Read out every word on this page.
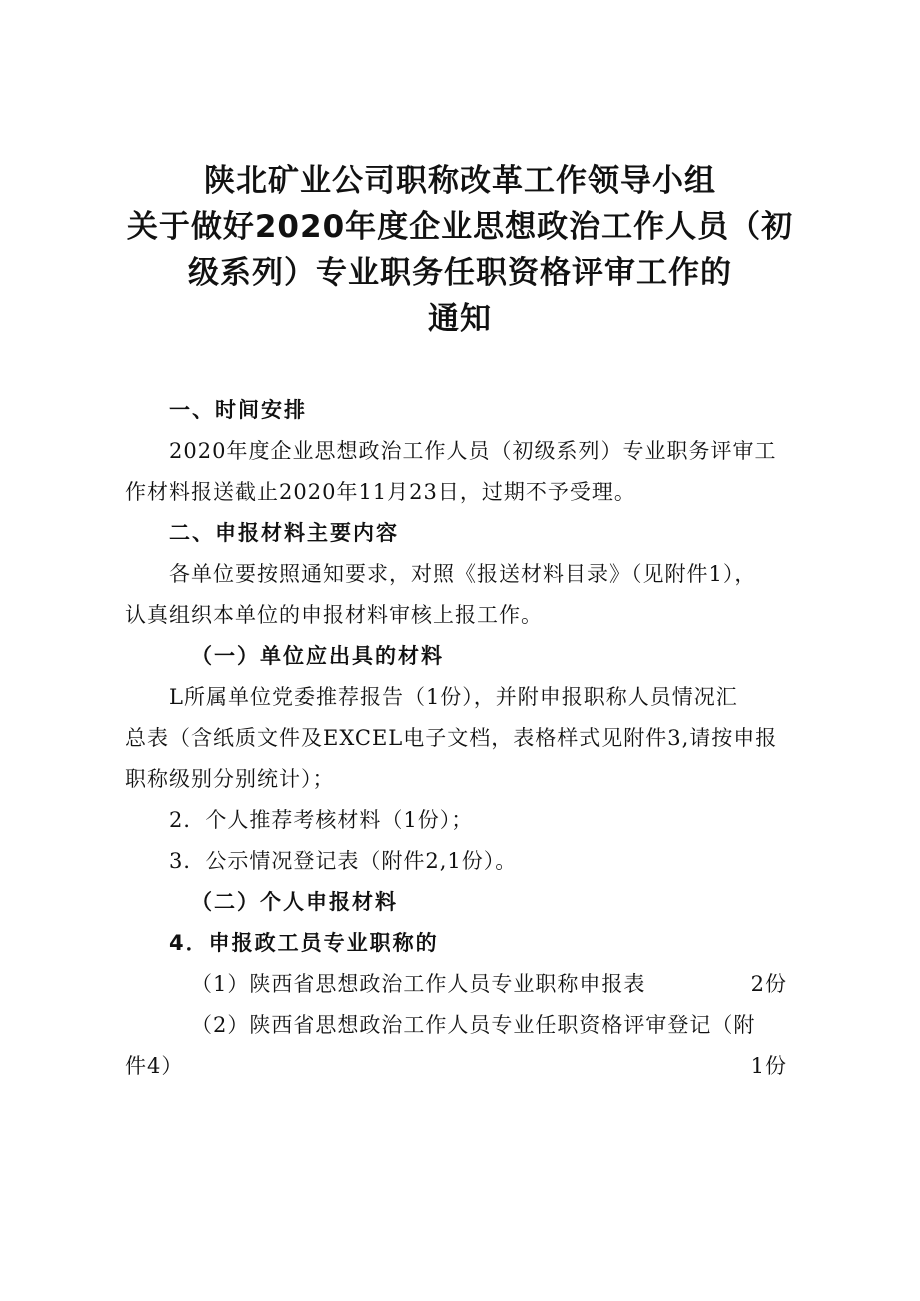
陕北矿业公司职称改革工作领导小组
关于做好2020年度企业思想政治工作人员（初
级系列）专业职务任职资格评审工作的
通知
一、时间安排
2020年度企业思想政治工作人员（初级系列）专业职务评审工
作材料报送截止2020年11月23日，过期不予受理。
二、申报材料主要内容
各单位要按照通知要求，对照《报送材料目录》（见附件1），
认真组织本单位的申报材料审核上报工作。
（一）单位应出具的材料
L所属单位党委推荐报告（1份），并附申报职称人员情况汇
总表（含纸质文件及EXCEL电子文档，表格样式见附件3,请按申报
职称级别分别统计）；
2．个人推荐考核材料（1份）；
3．公示情况登记表（附件2,1份）。
（二）个人申报材料
4．申报政工员专业职称的
（1）陕西省思想政治工作人员专业职称申报表	2份
（2）陕西省思想政治工作人员专业任职资格评审登记（附
件4）	1份
